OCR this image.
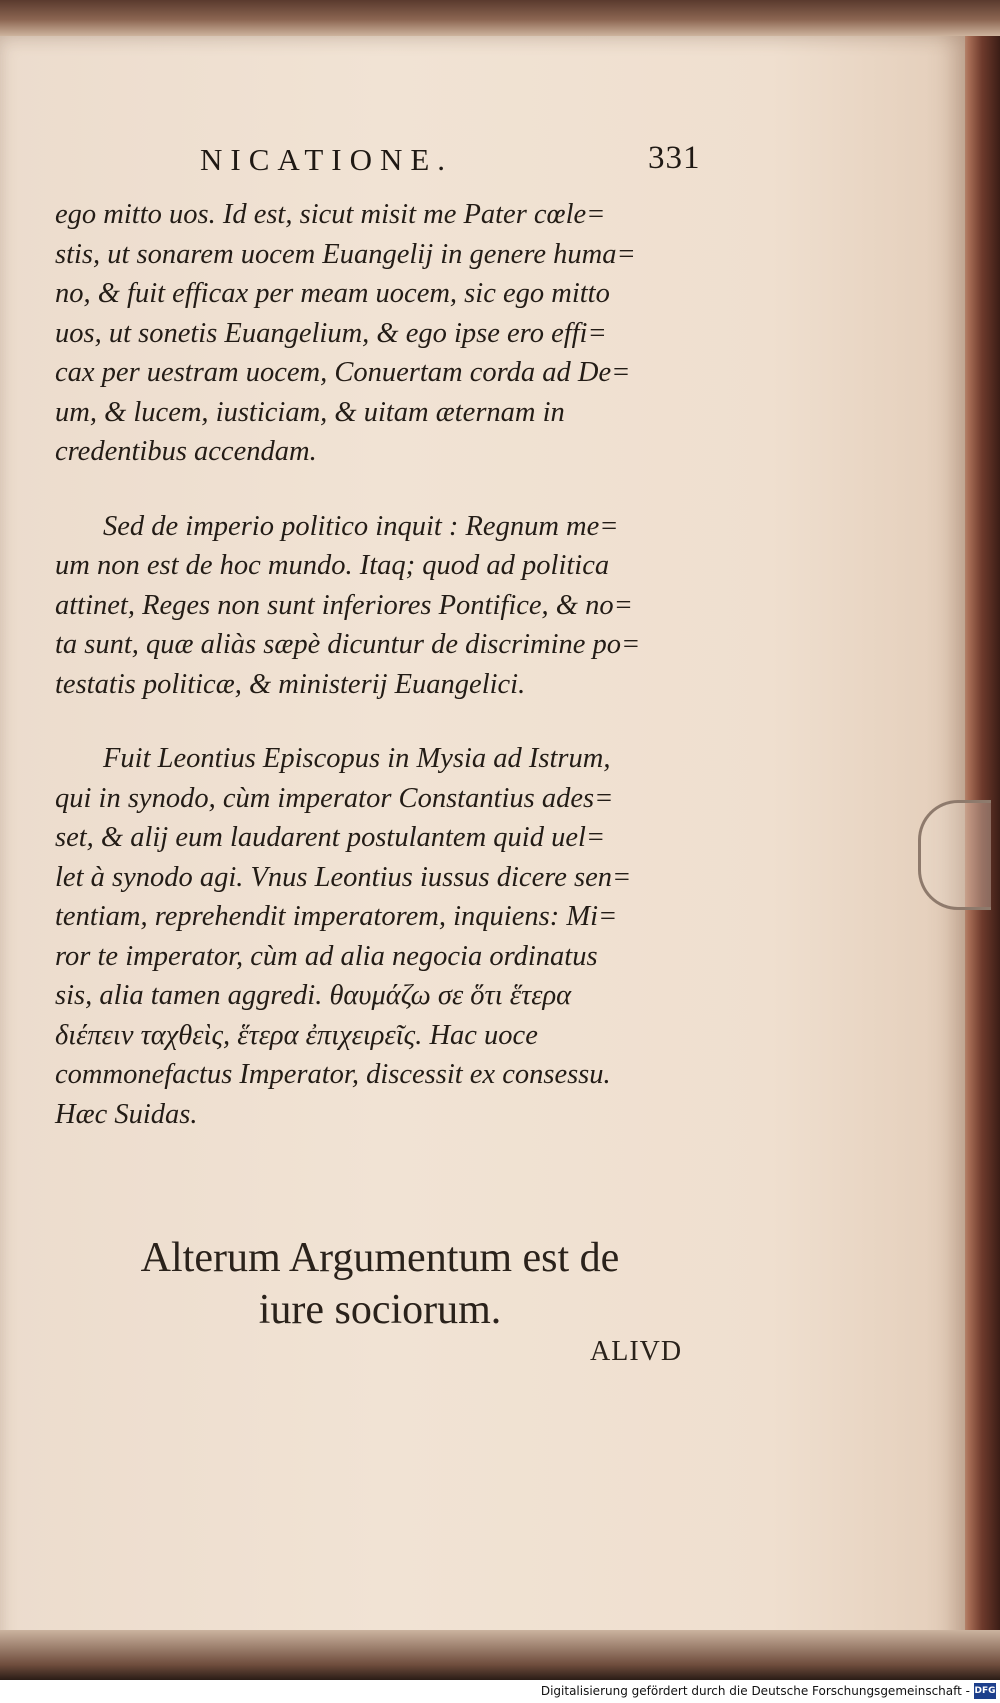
NICATIONE.	331

ego mitto uos. Id est, sicut misit me Pater cœle=
stis, ut sonarem uocem Euangelij in genere huma=
no, & fuit efficax per meam uocem, sic ego mitto
uos, ut sonetis Euangelium, & ego ipse ero effi=
cax per uestram uocem, Conuertam corda ad De=
um, & lucem, iusticiam, & uitam æternam in
credentibus accendam.

Sed de imperio politico inquit : Regnum me=
um non est de hoc mundo. Itaq; quod ad politica
attinet, Reges non sunt inferiores Pontifice, & no=
ta sunt, quæ aliàs sæpè dicuntur de discrimine po=
testatis politicæ, & ministerij Euangelici.

Fuit Leontius Episcopus in Mysia ad Istrum,
qui in synodo, cùm imperator Constantius ades=
set, & alij eum laudarent postulantem quid uel=
let à synodo agi. Vnus Leontius iussus dicere sen=
tentiam, reprehendit imperatorem, inquiens: Mi=
ror te imperator, cùm ad alia negocia ordinatus
sis, alia tamen aggredi. θαυμάζω σε ὅτι ἕτερα
διέπειν ταχθεὶς, ἕτερα ἐπιχειρεῖς. Hac uoce
commonefactus Imperator, discessit ex consessu.
Hæc Suidas.

Alterum Argumentum est de
iure sociorum.
ALIVD
Digitalisierung gefördert durch die Deutsche Forschungsgemeinschaft - DFG
